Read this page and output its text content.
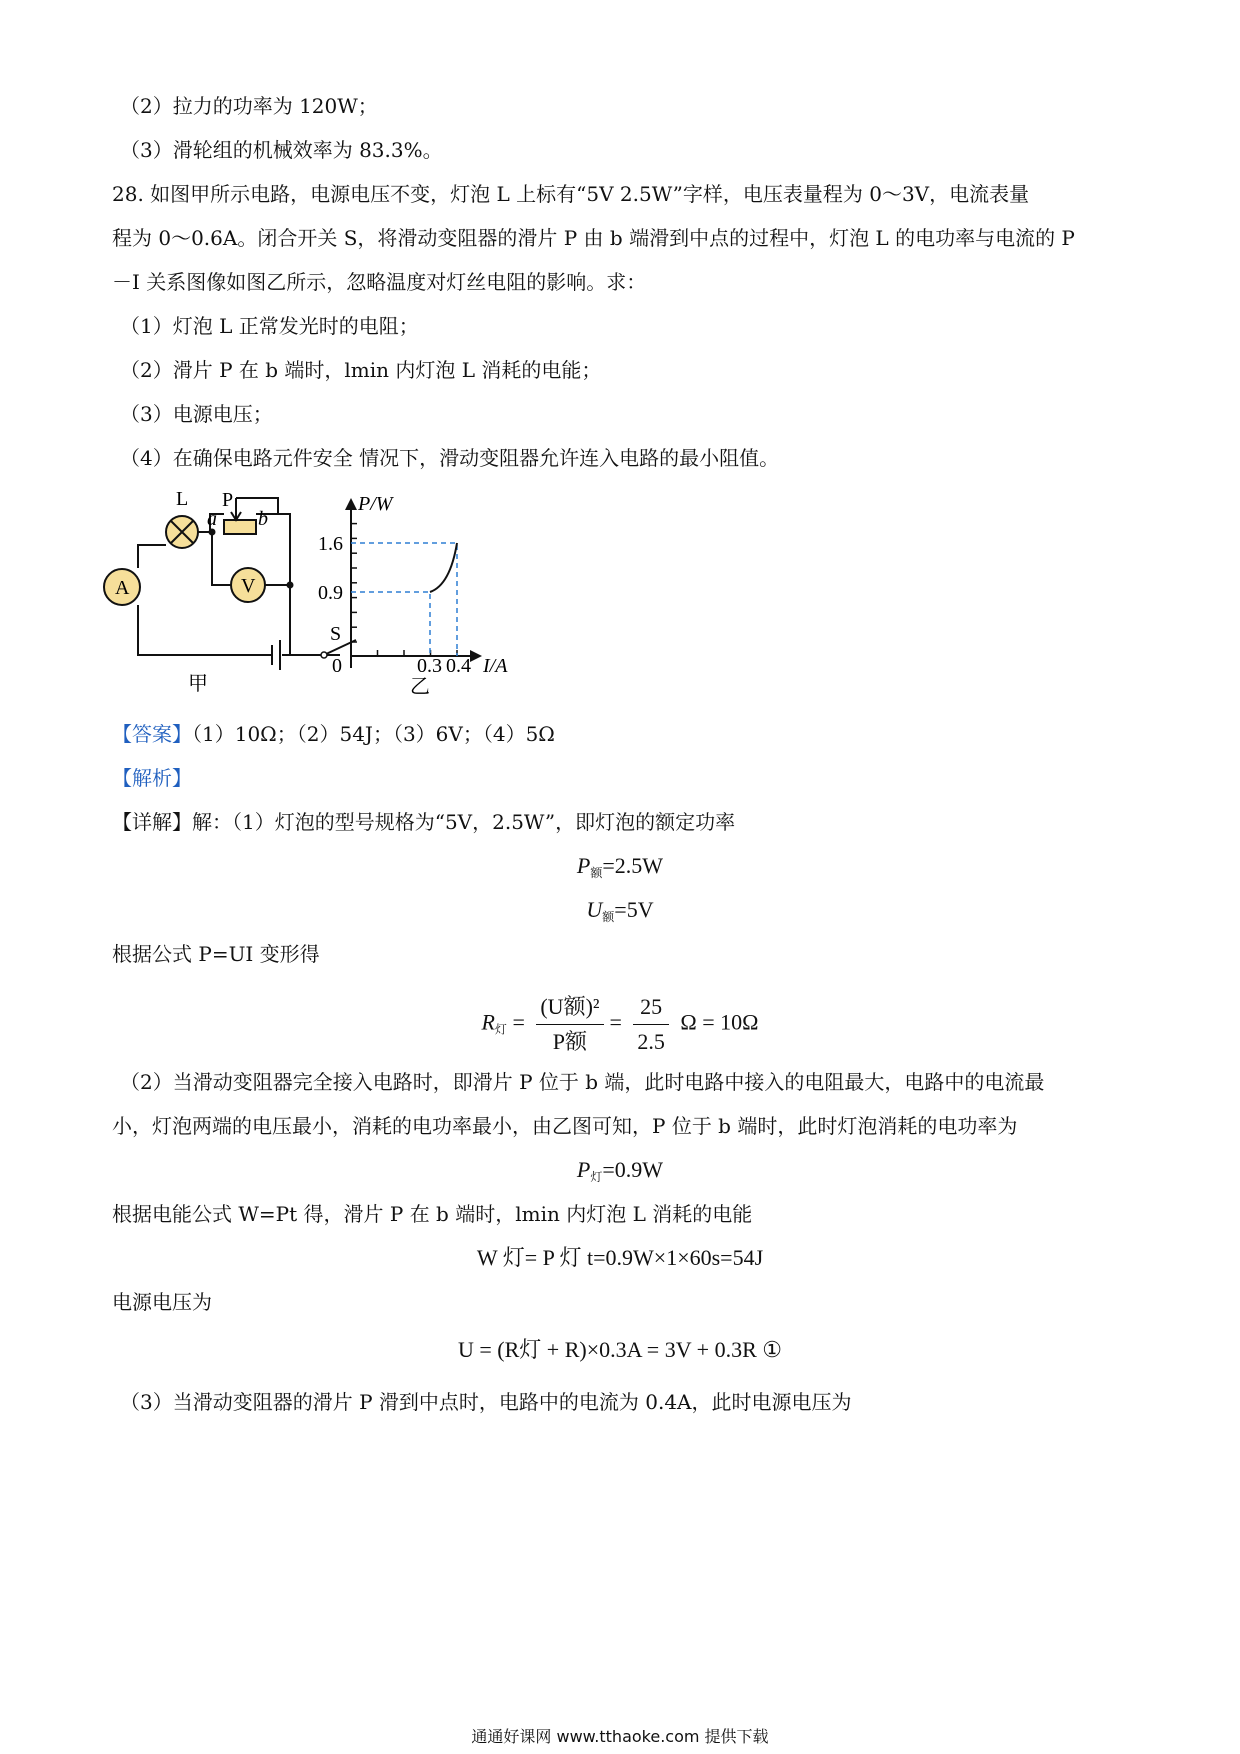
（2）拉力的功率为 120W；
（3）滑轮组的机械效率为 83.3%。
28. 如图甲所示电路，电源电压不变，灯泡 L 上标有“5V 2.5W”字样，电压表量程为 0～3V，电流表量
程为 0～0.6A。闭合开关 S，将滑动变阻器的滑片 P 由 b 端滑到中点的过程中，灯泡 L 的电功率与电流的 P
－I 关系图像如图乙所示，忽略温度对灯丝电阻的影响。求：
（1）灯泡 L 正常发光时的电阻；
（2）滑片 P 在 b 端时，lmin 内灯泡 L 消耗的电能；
（3）电源电压；
（4）在确保电路元件安全 情况下，滑动变阻器允许连入电路的最小阻值。
L P
a b
A	V
S
甲
P/W
I/A
0
1.6
0.9
0.3 0.4
乙
【答案】（1）10Ω；（2）54J；（3）6V；（4）5Ω
【解析】
【详解】解：（1）灯泡的型号规格为“5V，2.5W”，即灯泡的额定功率
$P_额=2.5W$
$U_额=5V$
根据公式 P=UI 变形得
$R_灯 = \frac{\text{(U额)²}}{\text{P额}} = \frac{25}{2.5}$ Ω = 10Ω
（2）当滑动变阻器完全接入电路时，即滑片 P 位于 b 端，此时电路中接入的电阻最大，电路中的电流最
小，灯泡两端的电压最小，消耗的电功率最小，由乙图可知，P 位于 b 端时，此时灯泡消耗的电功率为
$P_灯=0.9W$
根据电能公式 W=Pt 得，滑片 P 在 b 端时，lmin 内灯泡 L 消耗的电能
W 灯= P 灯 t=0.9W×1×60s=54J
电源电压为
U = (R灯 + R)×0.3A = 3V + 0.3R ①
（3）当滑动变阻器的滑片 P 滑到中点时，电路中的电流为 0.4A，此时电源电压为
通通好课网 www.tthaoke.com 提供下载
